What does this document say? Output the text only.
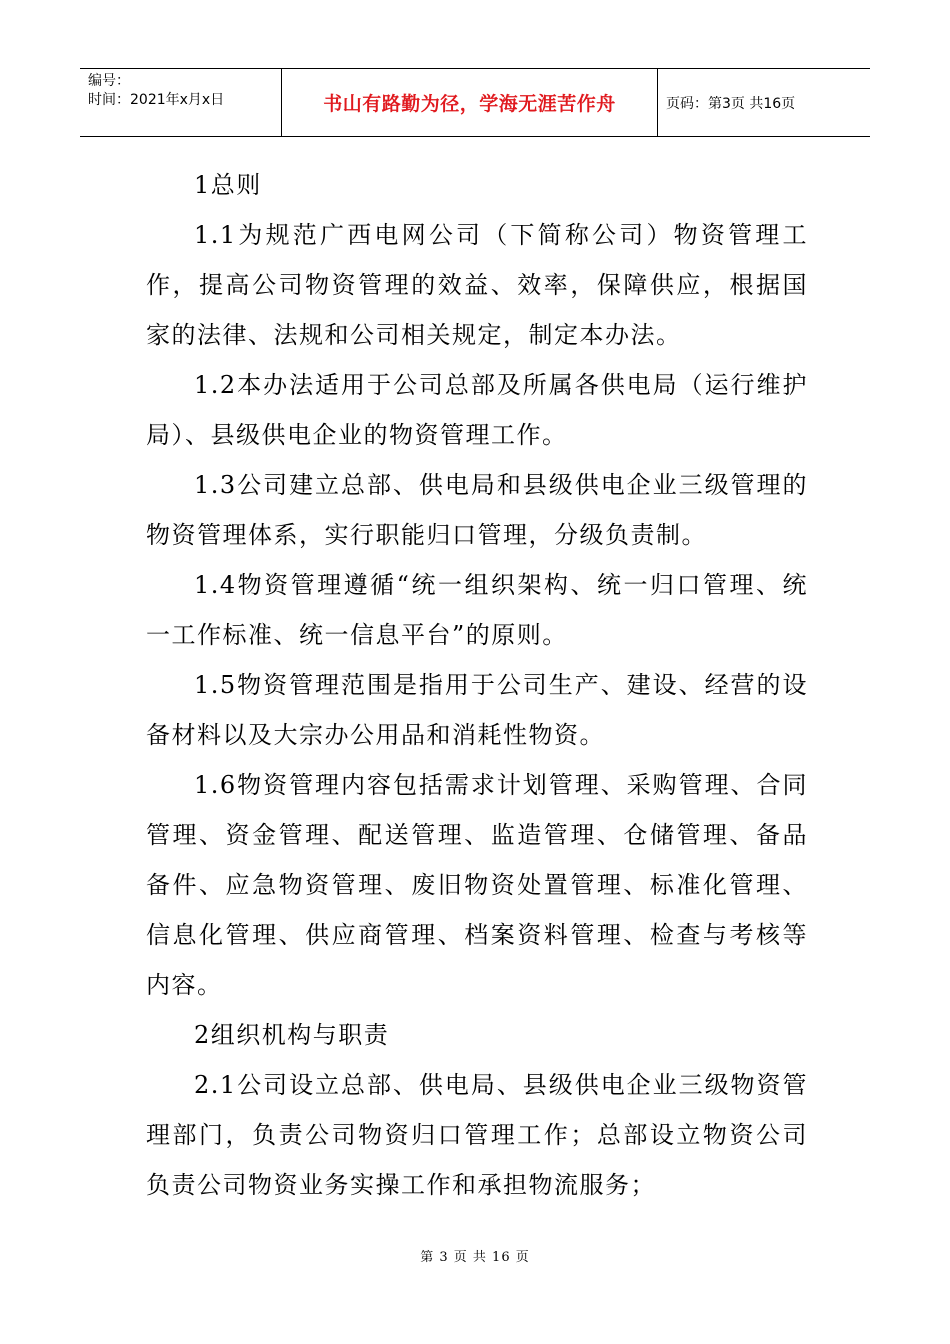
编号：
时间：2021年x月x日	书山有路勤为径，学海无涯苦作舟	页码：第3页 共16页

1总则

1.1为规范广西电网公司（下简称公司）物资管理工作，提高公司物资管理的效益、效率，保障供应，根据国家的法律、法规和公司相关规定，制定本办法。

1.2本办法适用于公司总部及所属各供电局（运行维护局）、县级供电企业的物资管理工作。

1.3公司建立总部、供电局和县级供电企业三级管理的物资管理体系，实行职能归口管理，分级负责制。

1.4物资管理遵循“统一组织架构、统一归口管理、统一工作标准、统一信息平台”的原则。

1.5物资管理范围是指用于公司生产、建设、经营的设备材料以及大宗办公用品和消耗性物资。

1.6物资管理内容包括需求计划管理、采购管理、合同管理、资金管理、配送管理、监造管理、仓储管理、备品备件、应急物资管理、废旧物资处置管理、标准化管理、信息化管理、供应商管理、档案资料管理、检查与考核等内容。

2组织机构与职责

2.1公司设立总部、供电局、县级供电企业三级物资管理部门，负责公司物资归口管理工作；总部设立物资公司负责公司物资业务实操工作和承担物流服务；

第 3 页 共 16 页
